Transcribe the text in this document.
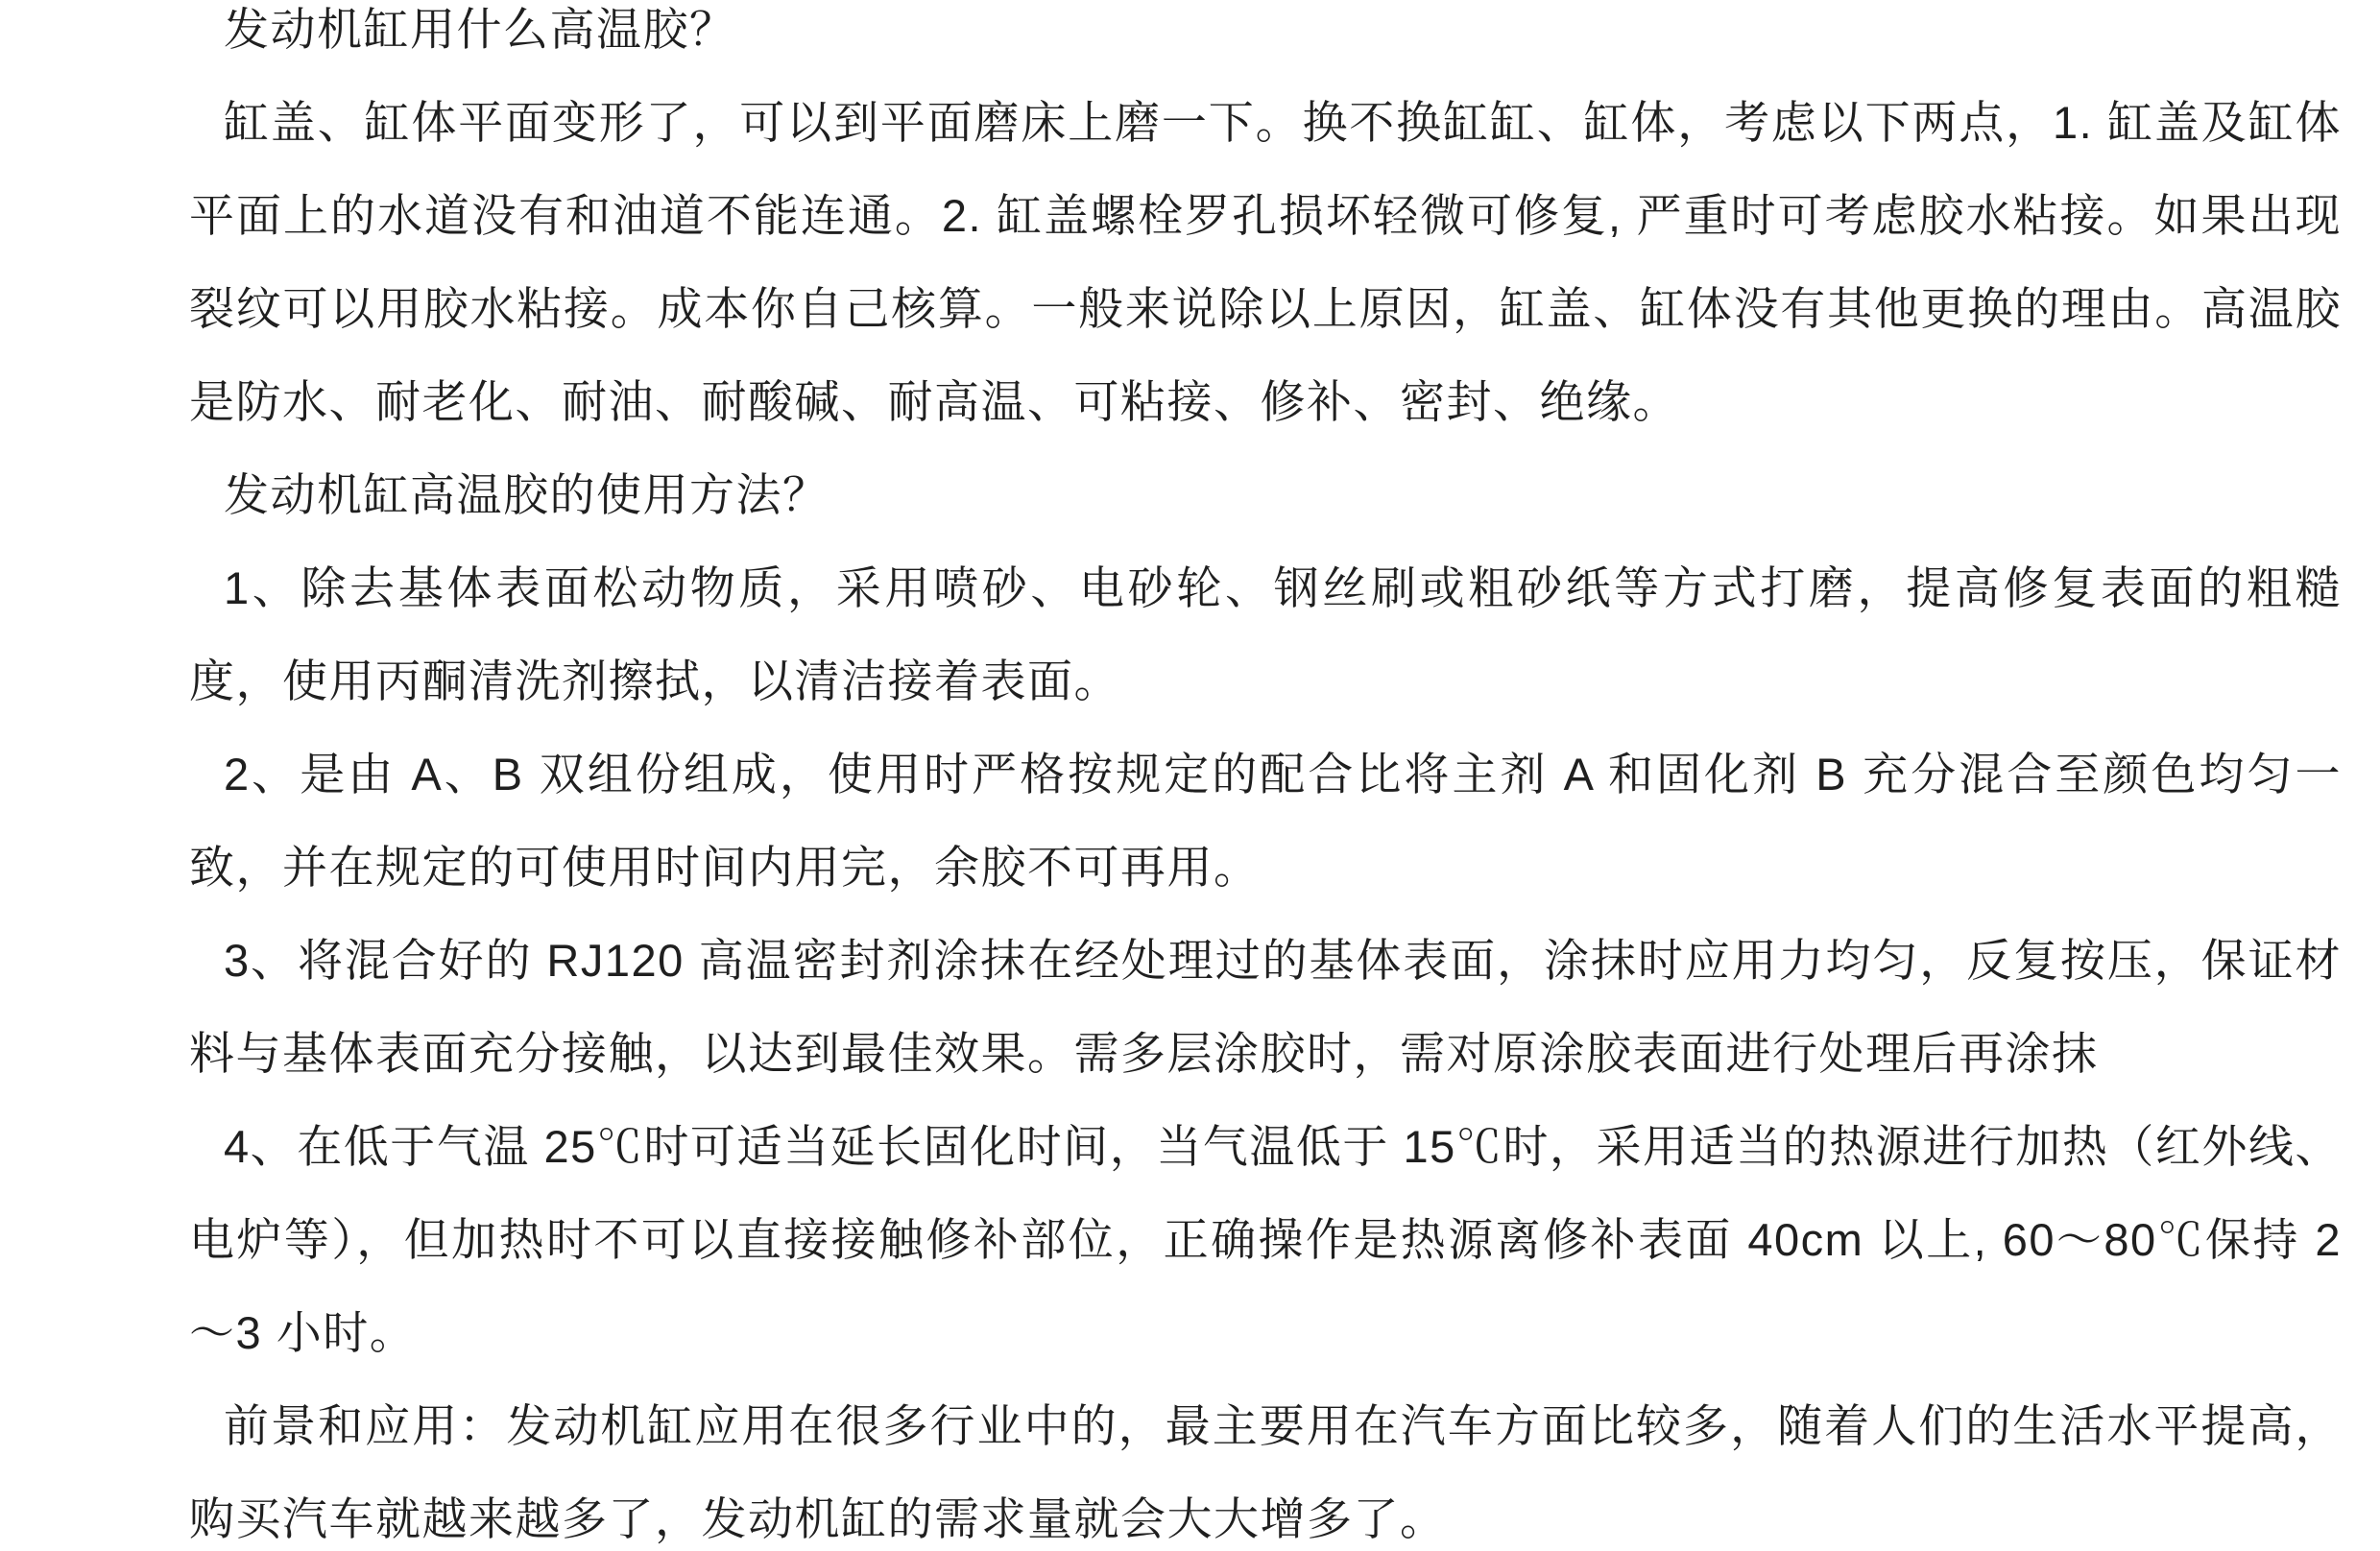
发动机缸用什么高温胶？

缸盖、缸体平面变形了，可以到平面磨床上磨一下。换不换缸缸、缸体，考虑以下两点，1. 缸盖及缸体平面上的水道没有和油道不能连通。2. 缸盖螺栓罗孔损坏轻微可修复, 严重时可考虑胶水粘接。如果出现裂纹可以用胶水粘接。成本你自己核算。一般来说除以上原因，缸盖、缸体没有其他更换的理由。高温胶是防水、耐老化、耐油、耐酸碱、耐高温、可粘接、修补、密封、绝缘。

发动机缸高温胶的使用方法？

1、除去基体表面松动物质，采用喷砂、电砂轮、钢丝刷或粗砂纸等方式打磨，提高修复表面的粗糙度，使用丙酮清洗剂擦拭，以清洁接着表面。

2、是由 A、B 双组份组成，使用时严格按规定的配合比将主剂 A 和固化剂 B 充分混合至颜色均匀一致，并在规定的可使用时间内用完，余胶不可再用。

3、将混合好的 RJ120 高温密封剂涂抹在经处理过的基体表面，涂抹时应用力均匀，反复按压，保证材料与基体表面充分接触，以达到最佳效果。需多层涂胶时，需对原涂胶表面进行处理后再涂抹

4、在低于气温 25℃时可适当延长固化时间，当气温低于 15℃时，采用适当的热源进行加热（红外线、电炉等），但加热时不可以直接接触修补部位，正确操作是热源离修补表面 40cm 以上, 60～80℃保持 2～3 小时。

前景和应用：发动机缸应用在很多行业中的，最主要用在汽车方面比较多，随着人们的生活水平提高，购买汽车就越来越多了，发动机缸的需求量就会大大增多了。
